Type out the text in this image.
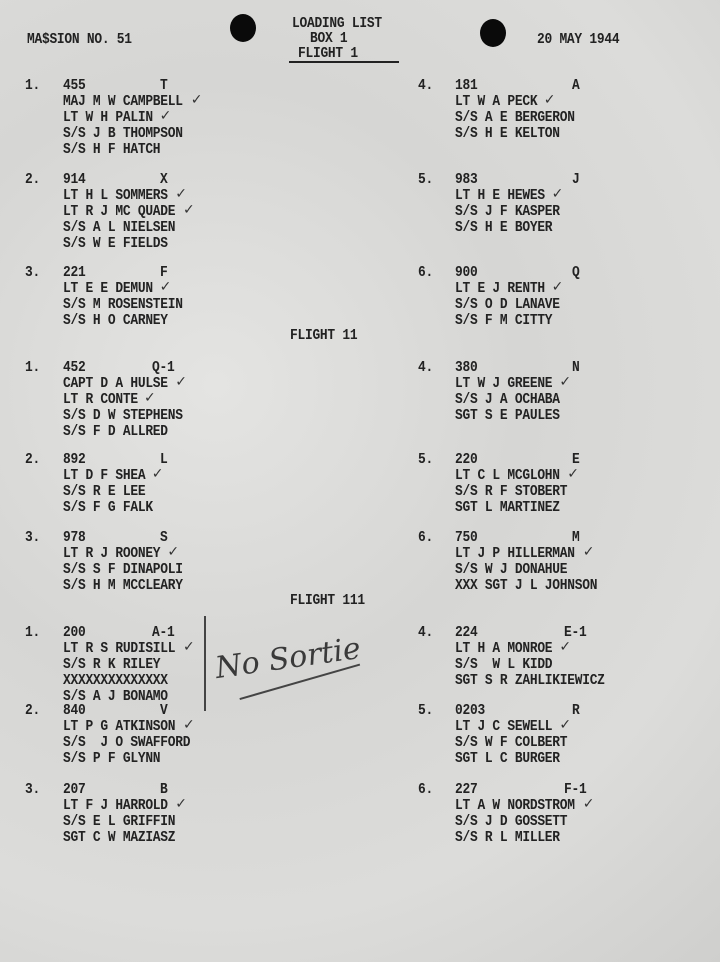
MA$SION NO. 51
LOADING LIST
BOX 1	20 MAY 1944
FLIGHT 1
1. 455	T
MAJ M W CAMPBELL ✓
LT W H PALIN ✓
S/S J B THOMPSON
S/S H F HATCH
2. 914	X
LT H L SOMMERS ✓
LT R J MC QUADE ✓
S/S A L NIELSEN
S/S W E FIELDS
3. 221	F
LT E E DEMUN ✓
S/S M ROSENSTEIN
S/S H O CARNEY
4. 181	A
LT W A PECK ✓
S/S A E BERGERON
S/S H E KELTON
5. 983	J
LT H E HEWES ✓
S/S J F KASPER
S/S H E BOYER
6. 900	Q
LT E J RENTH ✓
S/S O D LANAVE
S/S F M CITTY
FLIGHT 11
1. 452	Q-1
CAPT D A HULSE ✓
LT R CONTE ✓
S/S D W STEPHENS
S/S F D ALLRED
2. 892	L
LT D F SHEA ✓
S/S R E LEE
S/S F G FALK
3. 978	S
LT R J ROONEY ✓
S/S S F DINAPOLI
S/S H M MCCLEARY
4. 380	N
LT W J GREENE ✓
S/S J A OCHABA
SGT S E PAULES
5. 220	E
LT C L MCGLOHN ✓
S/S R F STOBERT
SGT L MARTINEZ
6. 750	M
LT J P HILLERMAN ✓
S/S W J DONAHUE
XXX SGT J L JOHNSON
FLIGHT 111
1. 200	A-1
LT R S RUDISILL ✓
S/S R K RILEY
XXXXXXXXXXXXXX
S/S A J BONAMO
2. 840	V
LT P G ATKINSON ✓
S/S  J O SWAFFORD
S/S P F GLYNN
3. 207	B
LT F J HARROLD ✓
S/S E L GRIFFIN
SGT C W MAZIASZ
4. 224	E-1
LT H A MONROE ✓
S/S  W L KIDD
SGT S R ZAHLIKIEWICZ
5. 0203	R
LT J C SEWELL ✓
S/S W F COLBERT
SGT L C BURGER
6. 227	F-1
LT A W NORDSTROM ✓
S/S J D GOSSETT
S/S R L MILLER
No Sortie
